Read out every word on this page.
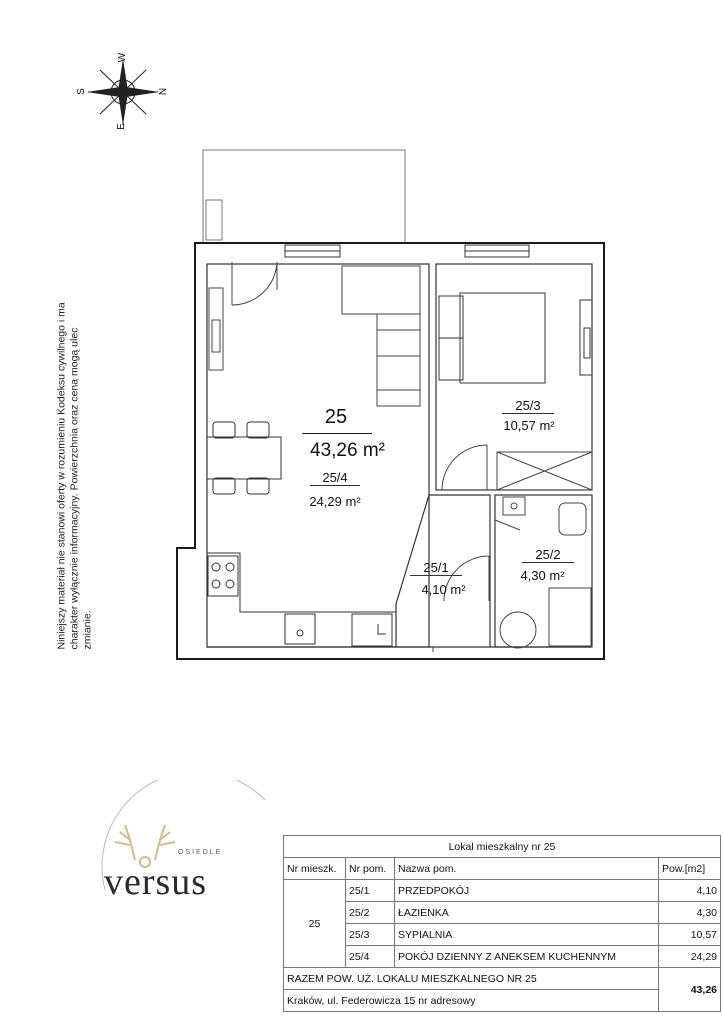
W
S	N
E
Niniejszy materiał nie stanowi oferty w rozumieniu Kodeksu cywilnego i ma charakter wyłącznie informacyjny. Powierzchnia oraz cena mogą ulec zmianie.
25
43,26 m²
25/4
24,29 m²
25/3
10,57 m²
25/1
4,10 m²
25/2
4,30 m²
OSIEDLE
versus
Lokal mieszkalny nr 25			
Nr mieszk.	Nr pom.	Nazwa pom.	Pow.[m2]
25	25/1	PRZEDPOKÓJ	4,10
	25/2	ŁAZIENKA	4,30
	25/3	SYPIALNIA	10,57
	25/4	POKÓJ DZIENNY Z ANEKSEM KUCHENNYM	24,29
RAZEM POW. UŻ. LOKALU MIESZKALNEGO NR 25			43,26
Kraków, ul. Federowicza 15 nr adresowy			
